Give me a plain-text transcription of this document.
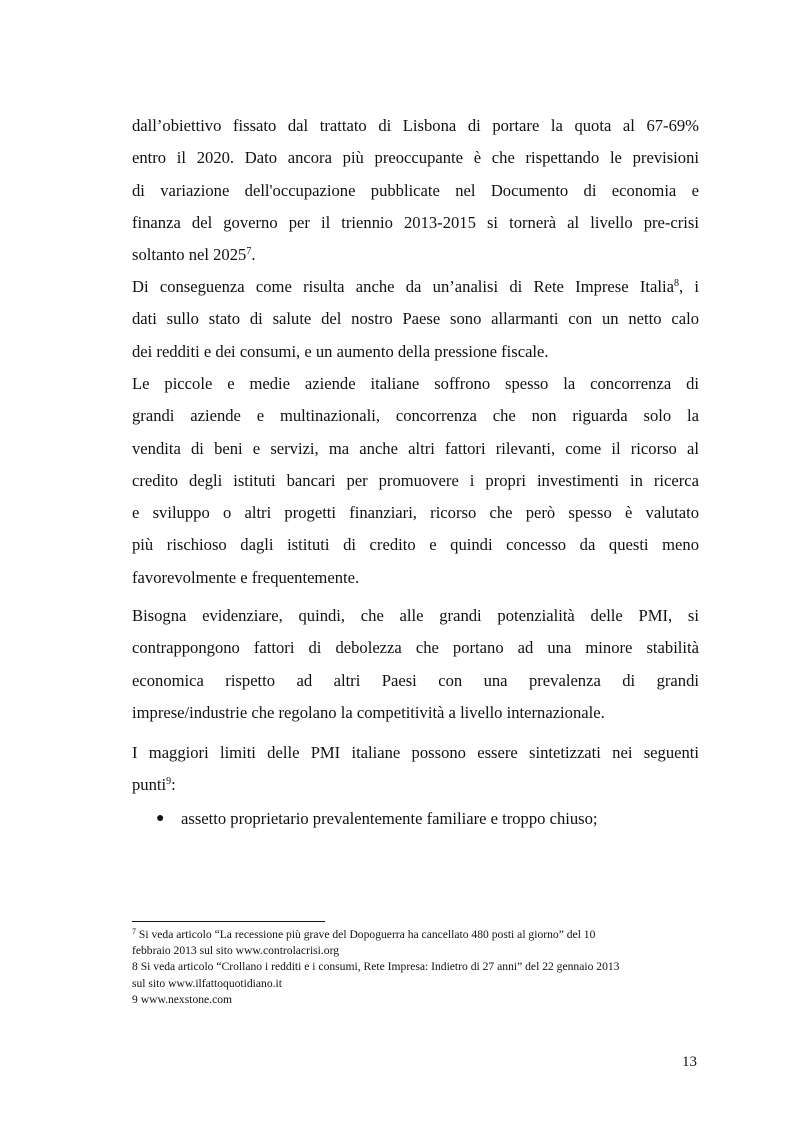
dall’obiettivo fissato dal trattato di Lisbona di portare la quota al 67-69%
entro il 2020. Dato ancora più preoccupante è che rispettando le previsioni
di variazione dell'occupazione pubblicate nel Documento di economia e
finanza del governo per il triennio 2013-2015 si tornerà al livello pre-crisi
soltanto nel 2025$^7$.
Di conseguenza come risulta anche da un’analisi di Rete Imprese Italia$^8$, i
dati sullo stato di salute del nostro Paese sono allarmanti con un netto calo
dei redditi e dei consumi, e un aumento della pressione fiscale.
Le piccole e medie aziende italiane soffrono spesso la concorrenza di
grandi aziende e multinazionali, concorrenza che non riguarda solo la
vendita di beni e servizi, ma anche altri fattori rilevanti, come il ricorso al
credito degli istituti bancari per promuovere i propri investimenti in ricerca
e sviluppo o altri progetti finanziari, ricorso che però spesso è valutato
più rischioso dagli istituti di credito e quindi concesso da questi meno
favorevolmente e frequentemente.
Bisogna evidenziare, quindi, che alle grandi potenzialità delle PMI, si
contrappongono fattori di debolezza che portano ad una minore stabilità
economica rispetto ad altri Paesi con una prevalenza di grandi
imprese/industrie che regolano la competitività a livello internazionale.
I maggiori limiti delle PMI italiane possono essere sintetizzati nei seguenti
punti$^9$:
● assetto proprietario prevalentemente familiare e troppo chiuso;
$^7$ Si veda articolo “La recessione più grave del Dopoguerra ha cancellato 480 posti al giorno” del 10
febbraio 2013 sul sito www.controlacrisi.org
8 Si veda articolo “Crollano i redditi e i consumi, Rete Impresa: Indietro di 27 anni” del 22 gennaio 2013
sul sito www.ilfattoquotidiano.it
9 www.nexstone.com
13
